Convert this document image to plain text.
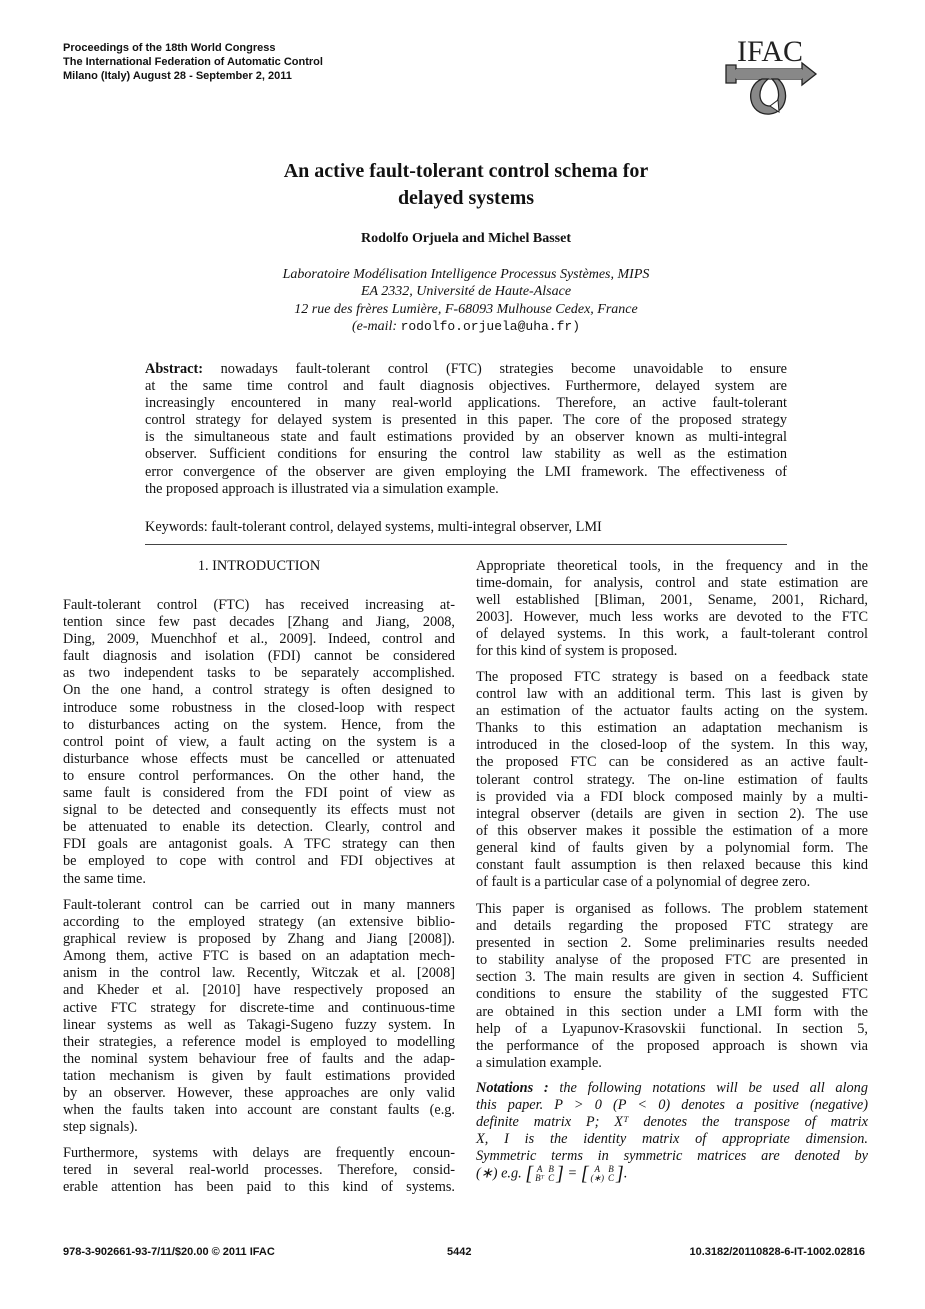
Proceedings of the 18th World Congress
The International Federation of Automatic Control
Milano (Italy) August 28 - September 2, 2011
IFAC
An active fault-tolerant control schema for
delayed systems
Rodolfo Orjuela and Michel Basset
Laboratoire Modélisation Intelligence Processus Systèmes, MIPS
EA 2332, Université de Haute-Alsace
12 rue des frères Lumière, F-68093 Mulhouse Cedex, France
(e-mail: rodolfo.orjuela@uha.fr)
Abstract: nowadays fault-tolerant control (FTC) strategies become unavoidable to ensure
at the same time control and fault diagnosis objectives. Furthermore, delayed system are
increasingly encountered in many real-world applications. Therefore, an active fault-tolerant
control strategy for delayed system is presented in this paper. The core of the proposed strategy
is the simultaneous state and fault estimations provided by an observer known as multi-integral
observer. Sufficient conditions for ensuring the control law stability as well as the estimation
error convergence of the observer are given employing the LMI framework. The effectiveness of
the proposed approach is illustrated via a simulation example.
Keywords: fault-tolerant control, delayed systems, multi-integral observer, LMI
1. INTRODUCTION
Fault-tolerant control (FTC) has received increasing at-
tention since few past decades [Zhang and Jiang, 2008,
Ding, 2009, Muenchhof et al., 2009]. Indeed, control and
fault diagnosis and isolation (FDI) cannot be considered
as two independent tasks to be separately accomplished.
On the one hand, a control strategy is often designed to
introduce some robustness in the closed-loop with respect
to disturbances acting on the system. Hence, from the
control point of view, a fault acting on the system is a
disturbance whose effects must be cancelled or attenuated
to ensure control performances. On the other hand, the
same fault is considered from the FDI point of view as
signal to be detected and consequently its effects must not
be attenuated to enable its detection. Clearly, control and
FDI goals are antagonist goals. A TFC strategy can then
be employed to cope with control and FDI objectives at
the same time.
Fault-tolerant control can be carried out in many manners
according to the employed strategy (an extensive biblio-
graphical review is proposed by Zhang and Jiang [2008]).
Among them, active FTC is based on an adaptation mech-
anism in the control law. Recently, Witczak et al. [2008]
and Kheder et al. [2010] have respectively proposed an
active FTC strategy for discrete-time and continuous-time
linear systems as well as Takagi-Sugeno fuzzy system. In
their strategies, a reference model is employed to modelling
the nominal system behaviour free of faults and the adap-
tation mechanism is given by fault estimations provided
by an observer. However, these approaches are only valid
when the faults taken into account are constant faults (e.g.
step signals).
Furthermore, systems with delays are frequently encoun-
tered in several real-world processes. Therefore, consid-
erable attention has been paid to this kind of systems.
Appropriate theoretical tools, in the frequency and in the
time-domain, for analysis, control and state estimation are
well established [Bliman, 2001, Sename, 2001, Richard,
2003]. However, much less works are devoted to the FTC
of delayed systems. In this work, a fault-tolerant control
for this kind of system is proposed.
The proposed FTC strategy is based on a feedback state
control law with an additional term. This last is given by
an estimation of the actuator faults acting on the system.
Thanks to this estimation an adaptation mechanism is
introduced in the closed-loop of the system. In this way,
the proposed FTC can be considered as an active fault-
tolerant control strategy. The on-line estimation of faults
is provided via a FDI block composed mainly by a multi-
integral observer (details are given in section 2). The use
of this observer makes it possible the estimation of a more
general kind of faults given by a polynomial form. The
constant fault assumption is then relaxed because this kind
of fault is a particular case of a polynomial of degree zero.
This paper is organised as follows. The problem statement
and details regarding the proposed FTC strategy are
presented in section 2. Some preliminaries results needed
to stability analyse of the proposed FTC are presented in
section 3. The main results are given in section 4. Sufficient
conditions to ensure the stability of the suggested FTC
are obtained in this section under a LMI form with the
help of a Lyapunov-Krasovskii functional. In section 5,
the performance of the proposed approach is shown via
a simulation example.
Notations : the following notations will be used all along
this paper. P > 0 (P < 0) denotes a positive (negative)
definite matrix P; Xᵀ denotes the transpose of matrix
X, I is the identity matrix of appropriate dimension.
Symmetric terms in symmetric matrices are denoted by
(∗) e.g. [ A
Bᵀ
B
C ] = [ A
(∗)
B
C ] .
978-3-902661-93-7/11/$20.00 © 2011 IFAC	5442	10.3182/20110828-6-IT-1002.02816
